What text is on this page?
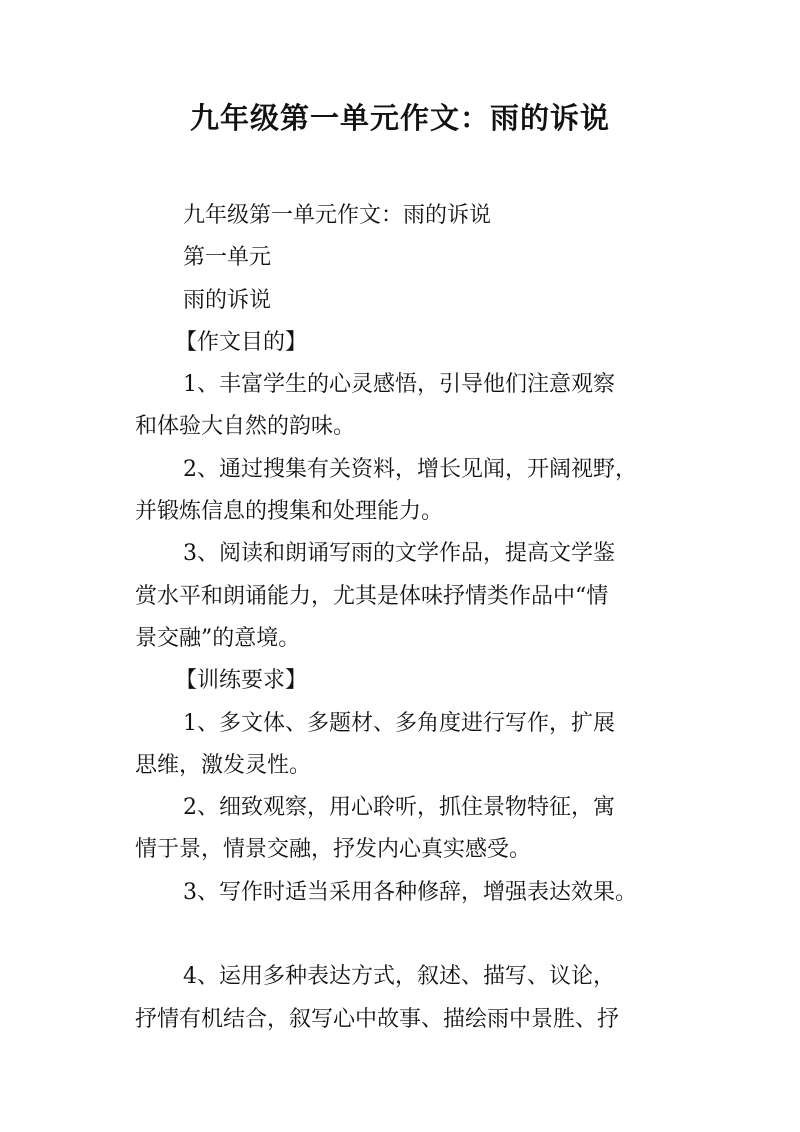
九年级第一单元作文：雨的诉说

九年级第一单元作文：雨的诉说

第一单元

雨的诉说

【作文目的】

1、丰富学生的心灵感悟，引导他们注意观察

和体验大自然的韵味。

2、通过搜集有关资料，增长见闻，开阔视野，

并锻炼信息的搜集和处理能力。

3、阅读和朗诵写雨的文学作品，提高文学鉴

赏水平和朗诵能力，尤其是体味抒情类作品中“情

景交融”的意境。

【训练要求】

1、多文体、多题材、多角度进行写作，扩展

思维，激发灵性。

2、细致观察，用心聆听，抓住景物特征，寓

情于景，情景交融，抒发内心真实感受。

3、写作时适当采用各种修辞，增强表达效果。

4、运用多种表达方式，叙述、描写、议论，

抒情有机结合，叙写心中故事、描绘雨中景胜、抒
